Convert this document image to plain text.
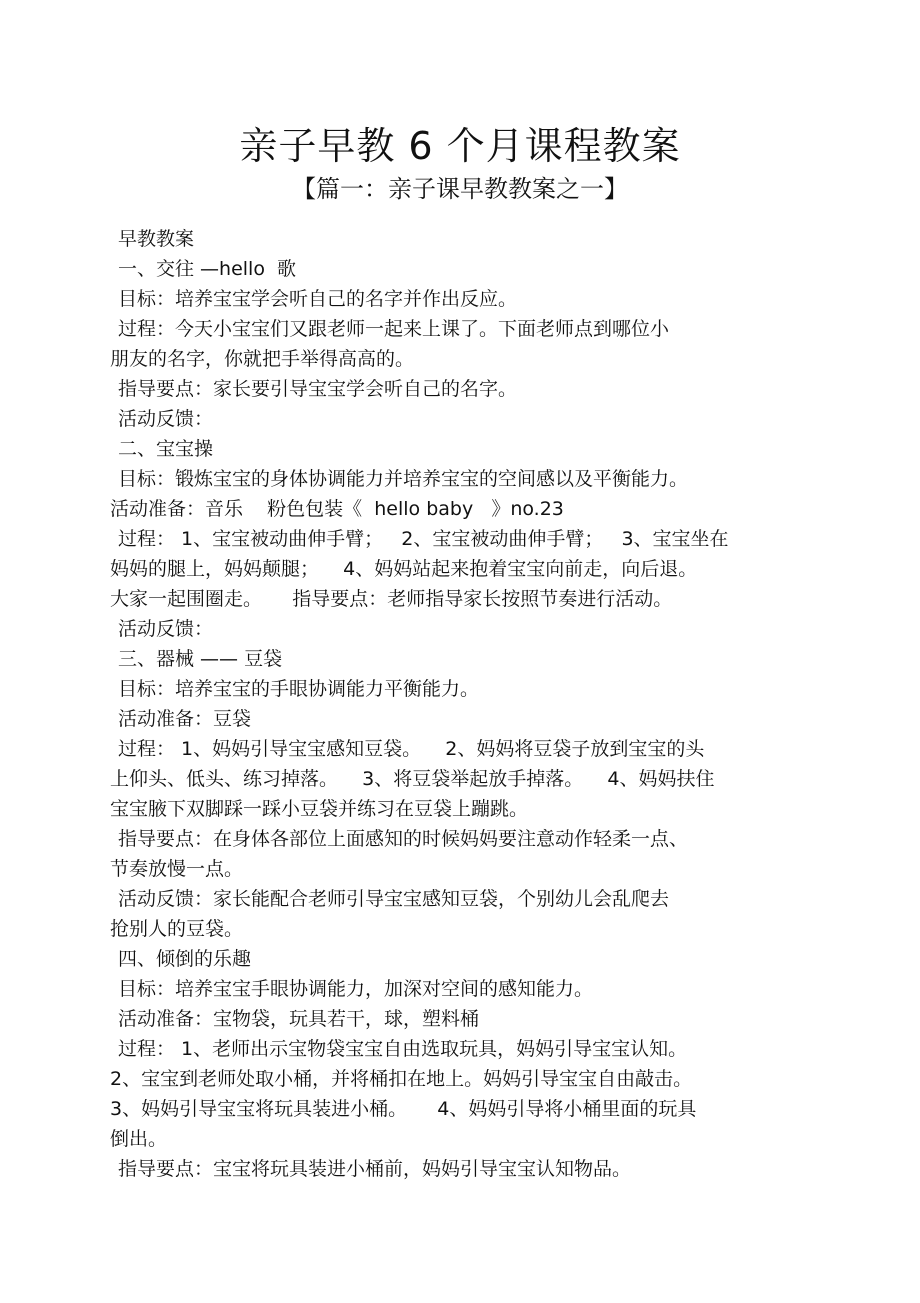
亲子早教 6 个月课程教案
【篇一：亲子课早教教案之一】
早教教案
一、交往 —hello  歌
目标：培养宝宝学会听自己的名字并作出反应。
过程：今天小宝宝们又跟老师一起来上课了。下面老师点到哪位小
朋友的名字，你就把手举得高高的。
指导要点：家长要引导宝宝学会听自己的名字。
活动反馈：
二、宝宝操
目标：锻炼宝宝的身体协调能力并培养宝宝的空间感以及平衡能力。
活动准备：音乐    粉色包装《  hello baby   》no.23
过程： 1、宝宝被动曲伸手臂；   2、宝宝被动曲伸手臂；   3、宝宝坐在
妈妈的腿上，妈妈颠腿；    4、妈妈站起来抱着宝宝向前走，向后退。
大家一起围圈走。     指导要点：老师指导家长按照节奏进行活动。
活动反馈：
三、器械 —— 豆袋
目标：培养宝宝的手眼协调能力平衡能力。
活动准备：豆袋
过程： 1、妈妈引导宝宝感知豆袋。    2、妈妈将豆袋子放到宝宝的头
上仰头、低头、练习掉落。    3、将豆袋举起放手掉落。    4、妈妈扶住
宝宝腋下双脚踩一踩小豆袋并练习在豆袋上蹦跳。
指导要点：在身体各部位上面感知的时候妈妈要注意动作轻柔一点、
节奏放慢一点。
活动反馈：家长能配合老师引导宝宝感知豆袋，个别幼儿会乱爬去
抢别人的豆袋。
四、倾倒的乐趣
目标：培养宝宝手眼协调能力，加深对空间的感知能力。
活动准备：宝物袋，玩具若干，球，塑料桶
过程： 1、老师出示宝物袋宝宝自由选取玩具，妈妈引导宝宝认知。
2、宝宝到老师处取小桶，并将桶扣在地上。妈妈引导宝宝自由敲击。
3、妈妈引导宝宝将玩具装进小桶。     4、妈妈引导将小桶里面的玩具
倒出。
指导要点：宝宝将玩具装进小桶前，妈妈引导宝宝认知物品。
